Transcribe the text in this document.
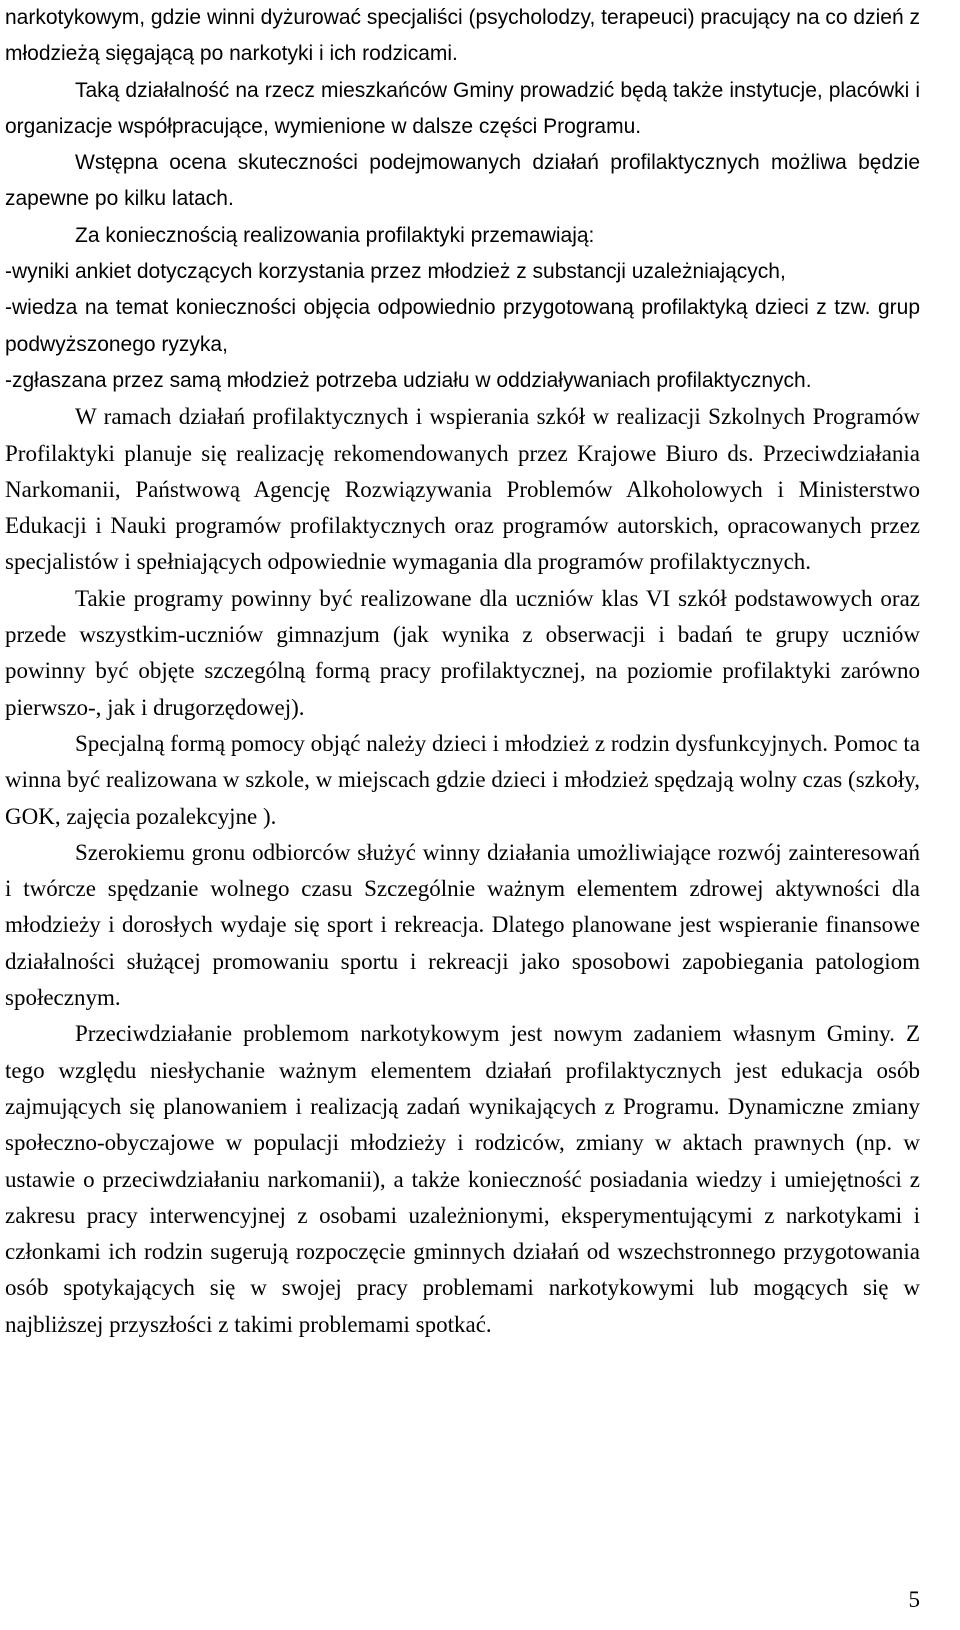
narkotykowym, gdzie winni dyżurować specjaliści (psycholodzy, terapeuci) pracujący na co dzień z młodzieżą sięgającą po narkotyki i ich rodzicami.

Taką działalność na rzecz mieszkańców Gminy prowadzić będą także instytucje, placówki i organizacje współpracujące, wymienione w dalsze części Programu.

Wstępna ocena skuteczności podejmowanych działań profilaktycznych możliwa będzie zapewne po kilku latach.

Za koniecznością realizowania profilaktyki przemawiają:

-wyniki ankiet dotyczących korzystania przez młodzież z substancji uzależniających,

-wiedza na temat konieczności objęcia odpowiednio przygotowaną profilaktyką dzieci z tzw. grup podwyższonego ryzyka,

-zgłaszana przez samą młodzież potrzeba udziału w oddziaływaniach profilaktycznych.

W ramach działań profilaktycznych i wspierania szkół w realizacji Szkolnych Programów Profilaktyki planuje się realizację rekomendowanych przez Krajowe Biuro ds. Przeciwdziałania Narkomanii, Państwową Agencję Rozwiązywania Problemów Alkoholowych i Ministerstwo Edukacji i Nauki programów profilaktycznych oraz programów autorskich, opracowanych przez specjalistów i spełniających odpowiednie wymagania dla programów profilaktycznych.

Takie programy powinny być realizowane dla uczniów klas VI szkół podstawowych oraz przede wszystkim-uczniów gimnazjum (jak wynika z obserwacji i badań te grupy uczniów powinny być objęte szczególną formą pracy profilaktycznej, na poziomie profilaktyki zarówno pierwszo-, jak i drugorzędowej).

Specjalną formą pomocy objąć należy dzieci i młodzież z rodzin dysfunkcyjnych. Pomoc ta winna być realizowana w szkole, w miejscach gdzie dzieci i młodzież spędzają wolny czas (szkoły, GOK, zajęcia pozalekcyjne ).

Szerokiemu gronu odbiorców służyć winny działania umożliwiające rozwój zainteresowań i twórcze spędzanie wolnego czasu Szczególnie ważnym elementem zdrowej aktywności dla młodzieży i dorosłych wydaje się sport i rekreacja. Dlatego planowane jest wspieranie finansowe działalności służącej promowaniu sportu i rekreacji jako sposobowi zapobiegania patologiom społecznym.

Przeciwdziałanie problemom narkotykowym jest nowym zadaniem własnym Gminy. Z tego względu niesłychanie ważnym elementem działań profilaktycznych jest edukacja osób zajmujących się planowaniem i realizacją zadań wynikających z Programu. Dynamiczne zmiany społeczno-obyczajowe w populacji młodzieży i rodziców, zmiany w aktach prawnych (np. w ustawie o przeciwdziałaniu narkomanii), a także konieczność posiadania wiedzy i umiejętności z zakresu pracy interwencyjnej z osobami uzależnionymi, eksperymentującymi z narkotykami i członkami ich rodzin sugerują rozpoczęcie gminnych działań od wszechstronnego przygotowania osób spotykających się w swojej pracy problemami narkotykowymi lub mogących się w najbliższej przyszłości z takimi problemami spotkać.

5
